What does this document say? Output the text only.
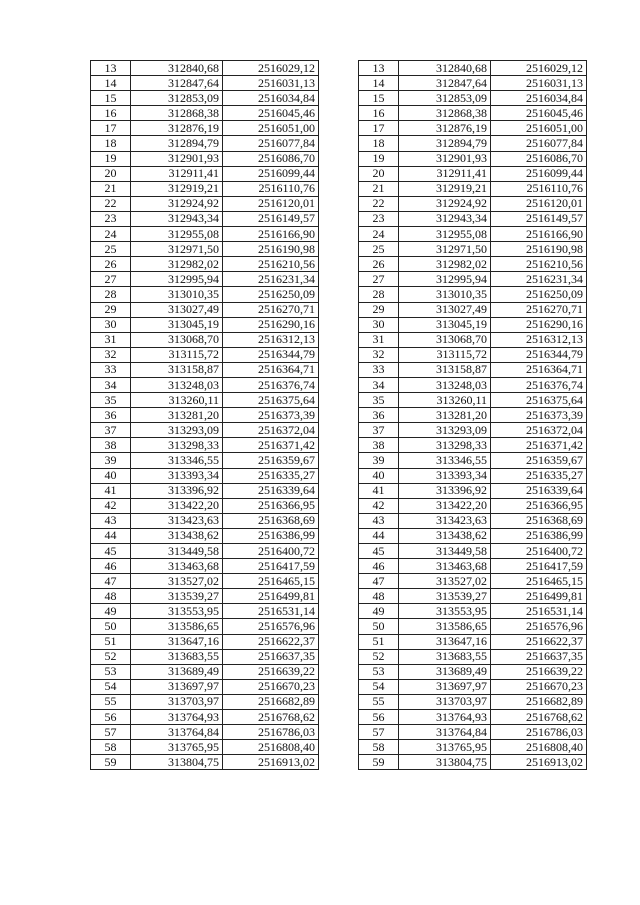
13	312840,68	2516029,12
14	312847,64	2516031,13
15	312853,09	2516034,84
16	312868,38	2516045,46
17	312876,19	2516051,00
18	312894,79	2516077,84
19	312901,93	2516086,70
20	312911,41	2516099,44
21	312919,21	2516110,76
22	312924,92	2516120,01
23	312943,34	2516149,57
24	312955,08	2516166,90
25	312971,50	2516190,98
26	312982,02	2516210,56
27	312995,94	2516231,34
28	313010,35	2516250,09
29	313027,49	2516270,71
30	313045,19	2516290,16
31	313068,70	2516312,13
32	313115,72	2516344,79
33	313158,87	2516364,71
34	313248,03	2516376,74
35	313260,11	2516375,64
36	313281,20	2516373,39
37	313293,09	2516372,04
38	313298,33	2516371,42
39	313346,55	2516359,67
40	313393,34	2516335,27
41	313396,92	2516339,64
42	313422,20	2516366,95
43	313423,63	2516368,69
44	313438,62	2516386,99
45	313449,58	2516400,72
46	313463,68	2516417,59
47	313527,02	2516465,15
48	313539,27	2516499,81
49	313553,95	2516531,14
50	313586,65	2516576,96
51	313647,16	2516622,37
52	313683,55	2516637,35
53	313689,49	2516639,22
54	313697,97	2516670,23
55	313703,97	2516682,89
56	313764,93	2516768,62
57	313764,84	2516786,03
58	313765,95	2516808,40
59	313804,75	2516913,02
13	312840,68	2516029,12
14	312847,64	2516031,13
15	312853,09	2516034,84
16	312868,38	2516045,46
17	312876,19	2516051,00
18	312894,79	2516077,84
19	312901,93	2516086,70
20	312911,41	2516099,44
21	312919,21	2516110,76
22	312924,92	2516120,01
23	312943,34	2516149,57
24	312955,08	2516166,90
25	312971,50	2516190,98
26	312982,02	2516210,56
27	312995,94	2516231,34
28	313010,35	2516250,09
29	313027,49	2516270,71
30	313045,19	2516290,16
31	313068,70	2516312,13
32	313115,72	2516344,79
33	313158,87	2516364,71
34	313248,03	2516376,74
35	313260,11	2516375,64
36	313281,20	2516373,39
37	313293,09	2516372,04
38	313298,33	2516371,42
39	313346,55	2516359,67
40	313393,34	2516335,27
41	313396,92	2516339,64
42	313422,20	2516366,95
43	313423,63	2516368,69
44	313438,62	2516386,99
45	313449,58	2516400,72
46	313463,68	2516417,59
47	313527,02	2516465,15
48	313539,27	2516499,81
49	313553,95	2516531,14
50	313586,65	2516576,96
51	313647,16	2516622,37
52	313683,55	2516637,35
53	313689,49	2516639,22
54	313697,97	2516670,23
55	313703,97	2516682,89
56	313764,93	2516768,62
57	313764,84	2516786,03
58	313765,95	2516808,40
59	313804,75	2516913,02
